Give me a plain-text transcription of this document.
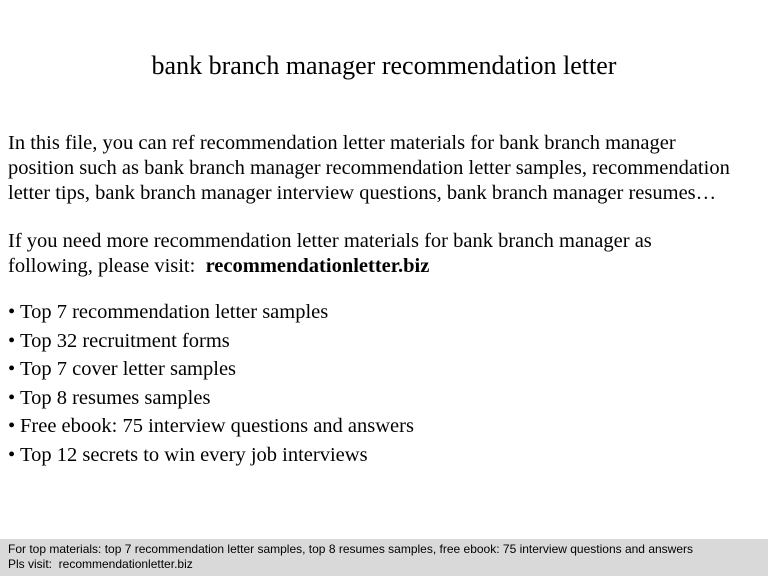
bank branch manager recommendation letter
In this file, you can ref recommendation letter materials for bank branch manager
position such as bank branch manager recommendation letter samples, recommendation
letter tips, bank branch manager interview questions, bank branch manager resumes…
If you need more recommendation letter materials for bank branch manager as
following, please visit:  recommendationletter.biz
• Top 7 recommendation letter samples
• Top 32 recruitment forms
• Top 7 cover letter samples
• Top 8 resumes samples
• Free ebook: 75 interview questions and answers
• Top 12 secrets to win every job interviews
For top materials: top 7 recommendation letter samples, top 8 resumes samples, free ebook: 75 interview questions and answers
Pls visit:  recommendationletter.biz
